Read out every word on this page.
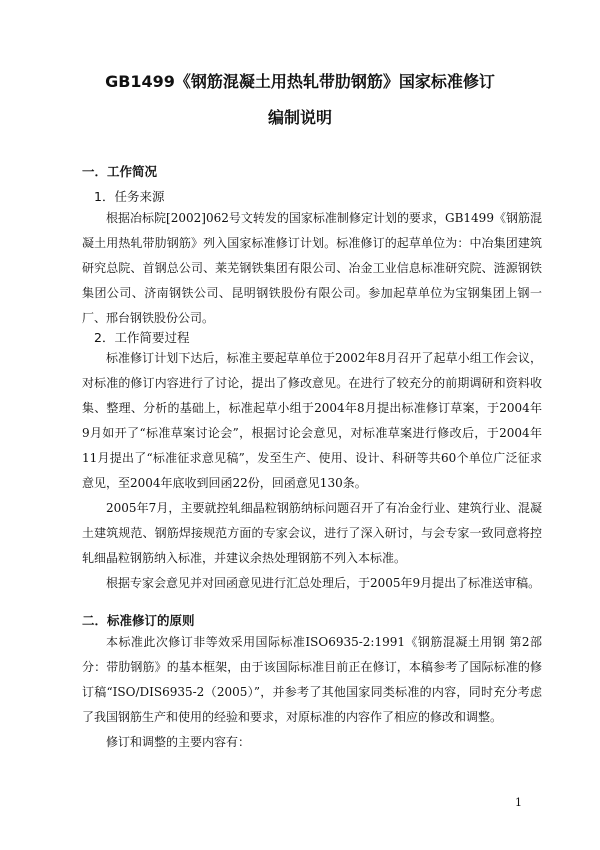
GB1499《钢筋混凝土用热轧带肋钢筋》国家标准修订
编制说明
一．工作简况
1．任务来源

根据冶标院[2002]062号文转发的国家标准制修定计划的要求，GB1499《钢筋混凝土用热轧带肋钢筋》列入国家标准修订计划。标准修订的起草单位为：中冶集团建筑研究总院、首钢总公司、莱芜钢铁集团有限公司、冶金工业信息标准研究院、涟源钢铁集团公司、济南钢铁公司、昆明钢铁股份有限公司。参加起草单位为宝钢集团上钢一厂、邢台钢铁股份公司。

2．工作简要过程

标准修订计划下达后，标准主要起草单位于2002年8月召开了起草小组工作会议，对标准的修订内容进行了讨论，提出了修改意见。在进行了较充分的前期调研和资料收集、整理、分析的基础上，标准起草小组于2004年8月提出标准修订草案，于2004年9月如开了“标准草案讨论会”，根据讨论会意见，对标准草案进行修改后，于2004年11月提出了“标准征求意见稿”，发至生产、使用、设计、科研等共60个单位广泛征求意见，至2004年底收到回函22份，回函意见130条。

2005年7月，主要就控轧细晶粒钢筋纳标问题召开了有冶金行业、建筑行业、混凝土建筑规范、钢筋焊接规范方面的专家会议，进行了深入研讨，与会专家一致同意将控轧细晶粒钢筋纳入标准，并建议余热处理钢筋不列入本标准。

根据专家会意见并对回函意见进行汇总处理后，于2005年9月提出了标准送审稿。

二．标准修订的原则

本标准此次修订非等效采用国际标准ISO6935-2:1991《钢筋混凝土用钢 第2部分：带肋钢筋》的基本框架，由于该国际标准目前正在修订，本稿参考了国际标准的修订稿“ISO/DIS6935-2（2005）”，并参考了其他国家同类标准的内容，同时充分考虑了我国钢筋生产和使用的经验和要求，对原标准的内容作了相应的修改和调整。

修订和调整的主要内容有：

1
